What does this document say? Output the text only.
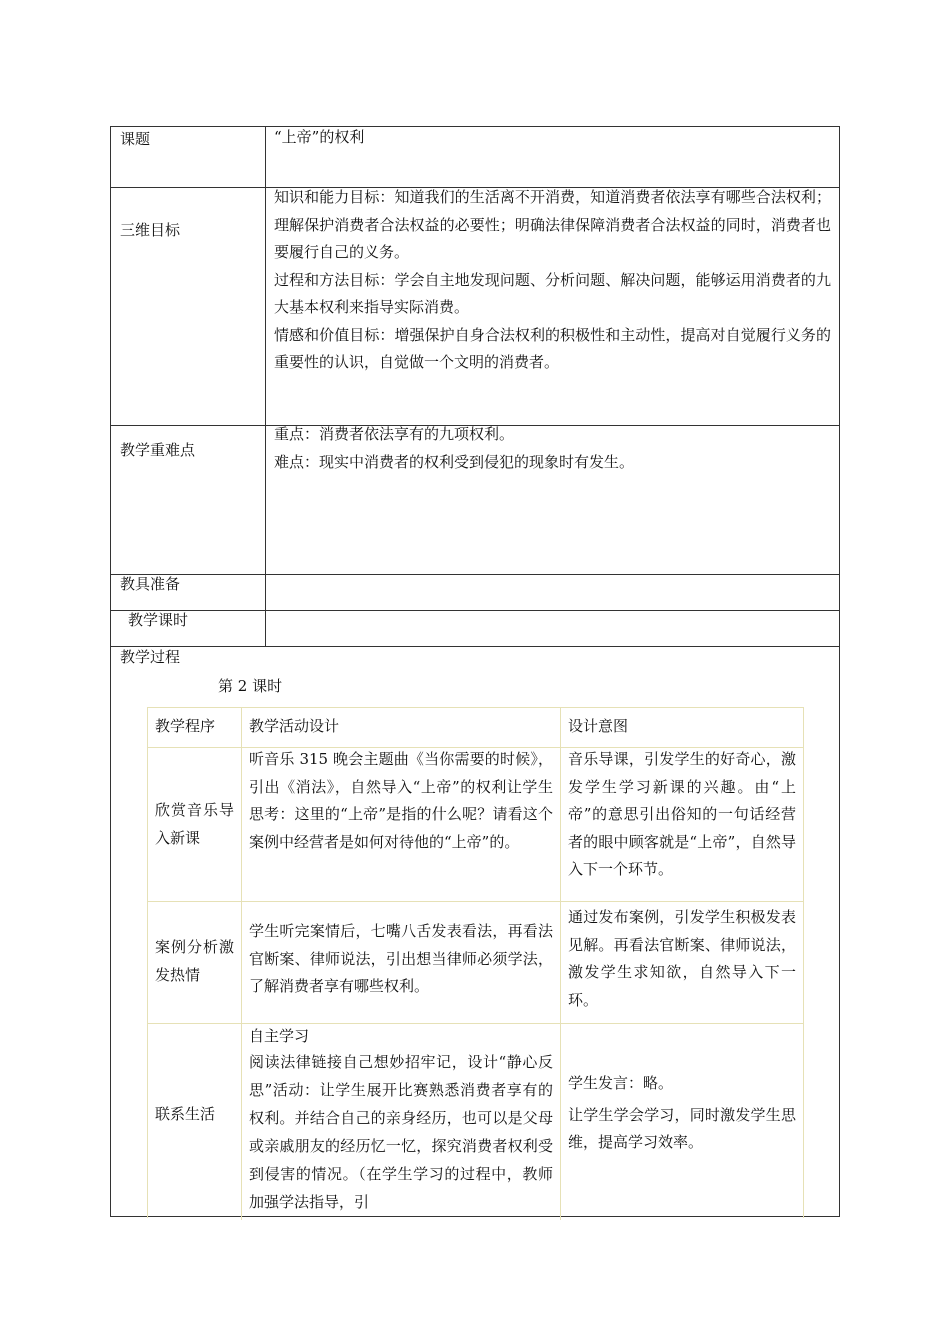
课题	“上帝”的权利
三维目标

知识和能力目标：知道我们的生活离不开消费，知道消费者依法享有哪些合法权利；理解保护消费者合法权益的必要性；明确法律保障消费者合法权益的同时，消费者也要履行自己的义务。

过程和方法目标：学会自主地发现问题、分析问题、解决问题，能够运用消费者的九大基本权利来指导实际消费。

情感和价值目标：增强保护自身合法权利的积极性和主动性，提高对自觉履行义务的重要性的认识，自觉做一个文明的消费者。

教学重难点

重点：消费者依法享有的九项权利。

难点：现实中消费者的权利受到侵犯的现象时有发生。

教具准备
教学课时
教学过程
第 2 课时
教学程序 教学活动设计	设计意图
欣赏音乐导入新课
听音乐 315 晚会主题曲《当你需要的时候》，引出《消法》，自然导入“上帝”的权利让学生思考：这里的“上帝”是指的什么呢？请看这个案例中经营者是如何对待他的“上帝”的。
音乐导课，引发学生的好奇心，激发学生学习新课的兴趣。由“上帝”的意思引出俗知的一句话经营者的眼中顾客就是“上帝”，自然导入下一个环节。
案例分析激发热情
学生听完案情后，七嘴八舌发表看法，再看法官断案、律师说法，引出想当律师必须学法，了解消费者享有哪些权利。
通过发布案例，引发学生积极发表见解。再看法官断案、律师说法，激发学生求知欲，自然导入下一环。
联系生活
自主学习
阅读法律链接自己想妙招牢记，设计“静心反思”活动：让学生展开比赛熟悉消费者享有的权利。并结合自己的亲身经历，也可以是父母或亲戚朋友的经历忆一忆，探究消费者权利受到侵害的情况。（在学生学习的过程中，教师加强学法指导，引
学生发言：略。
让学生学会学习，同时激发学生思维，提高学习效率。
